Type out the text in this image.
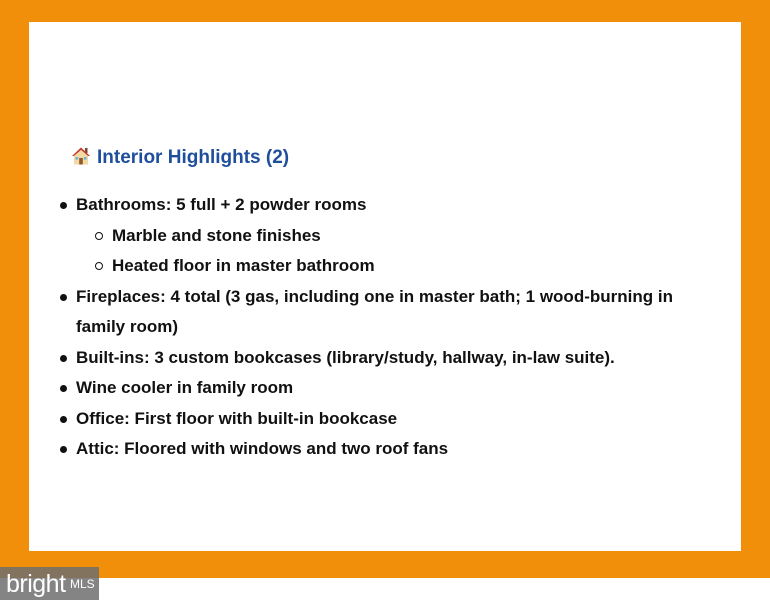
Interior Highlights (2)
Bathrooms: 5 full + 2 powder rooms
Marble and stone finishes
Heated floor in master bathroom
Fireplaces: 4 total (3 gas, including one in master bath; 1 wood-burning in family room)
Built-ins: 3 custom bookcases (library/study, hallway, in-law suite).
Wine cooler in family room
Office: First floor with built-in bookcase
Attic: Floored with windows and two roof fans
bright MLS
